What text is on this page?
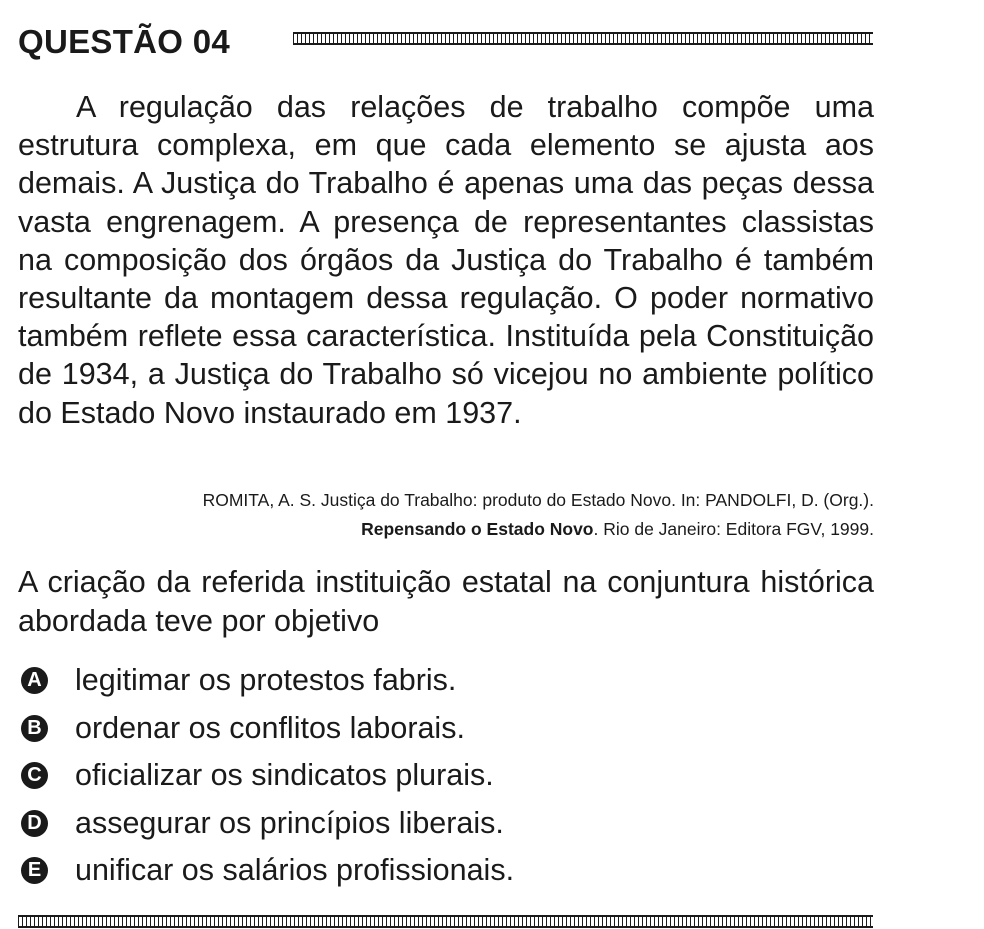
QUESTÃO 04

A regulação das relações de trabalho compõe uma estrutura complexa, em que cada elemento se ajusta aos demais. A Justiça do Trabalho é apenas uma das peças dessa vasta engrenagem. A presença de representantes classistas na composição dos órgãos da Justiça do Trabalho é também resultante da montagem dessa regulação. O poder normativo também reflete essa característica. Instituída pela Constituição de 1934, a Justiça do Trabalho só vicejou no ambiente político do Estado Novo instaurado em 1937.

ROMITA, A. S. Justiça do Trabalho: produto do Estado Novo. In: PANDOLFI, D. (Org.).
Repensando o Estado Novo. Rio de Janeiro: Editora FGV, 1999.

A criação da referida instituição estatal na conjuntura histórica abordada teve por objetivo

A legitimar os protestos fabris.
B ordenar os conflitos laborais.
C oficializar os sindicatos plurais.
D assegurar os princípios liberais.
E unificar os salários profissionais.
